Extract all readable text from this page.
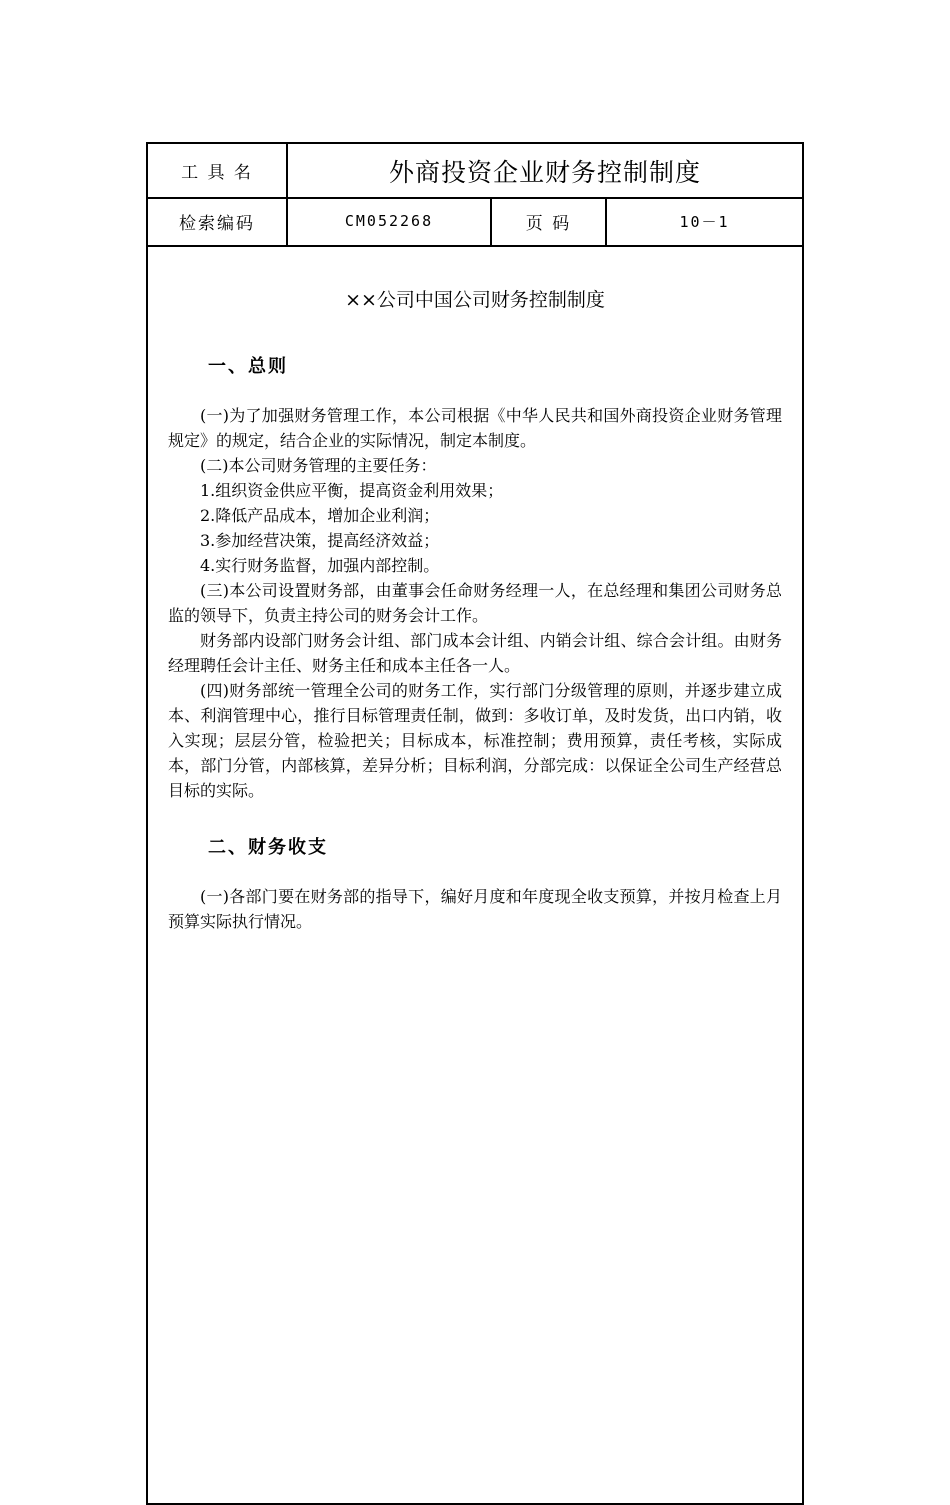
工 具 名	外商投资企业财务控制制度
检索编码	CM052268	页 码	10－1
××公司中国公司财务控制制度
一、总则

(一)为了加强财务管理工作，本公司根据《中华人民共和国外商投资企业财务管理规定》的规定，结合企业的实际情况，制定本制度。

(二)本公司财务管理的主要任务：

1.组织资金供应平衡，提高资金利用效果；

2.降低产品成本，增加企业利润；

3.参加经营决策，提高经济效益；

4.实行财务监督，加强内部控制。

(三)本公司设置财务部，由董事会任命财务经理一人，在总经理和集团公司财务总监的领导下，负责主持公司的财务会计工作。

财务部内设部门财务会计组、部门成本会计组、内销会计组、综合会计组。由财务经理聘任会计主任、财务主任和成本主任各一人。

(四)财务部统一管理全公司的财务工作，实行部门分级管理的原则，并逐步建立成本、利润管理中心，推行目标管理责任制，做到：多收订单，及时发货，出口内销，收入实现；层层分管，检验把关；目标成本，标准控制；费用预算，责任考核，实际成本，部门分管，内部核算，差异分析；目标利润，分部完成：以保证全公司生产经营总目标的实际。

二、财务收支

(一)各部门要在财务部的指导下，编好月度和年度现全收支预算，并按月检查上月预算实际执行情况。
